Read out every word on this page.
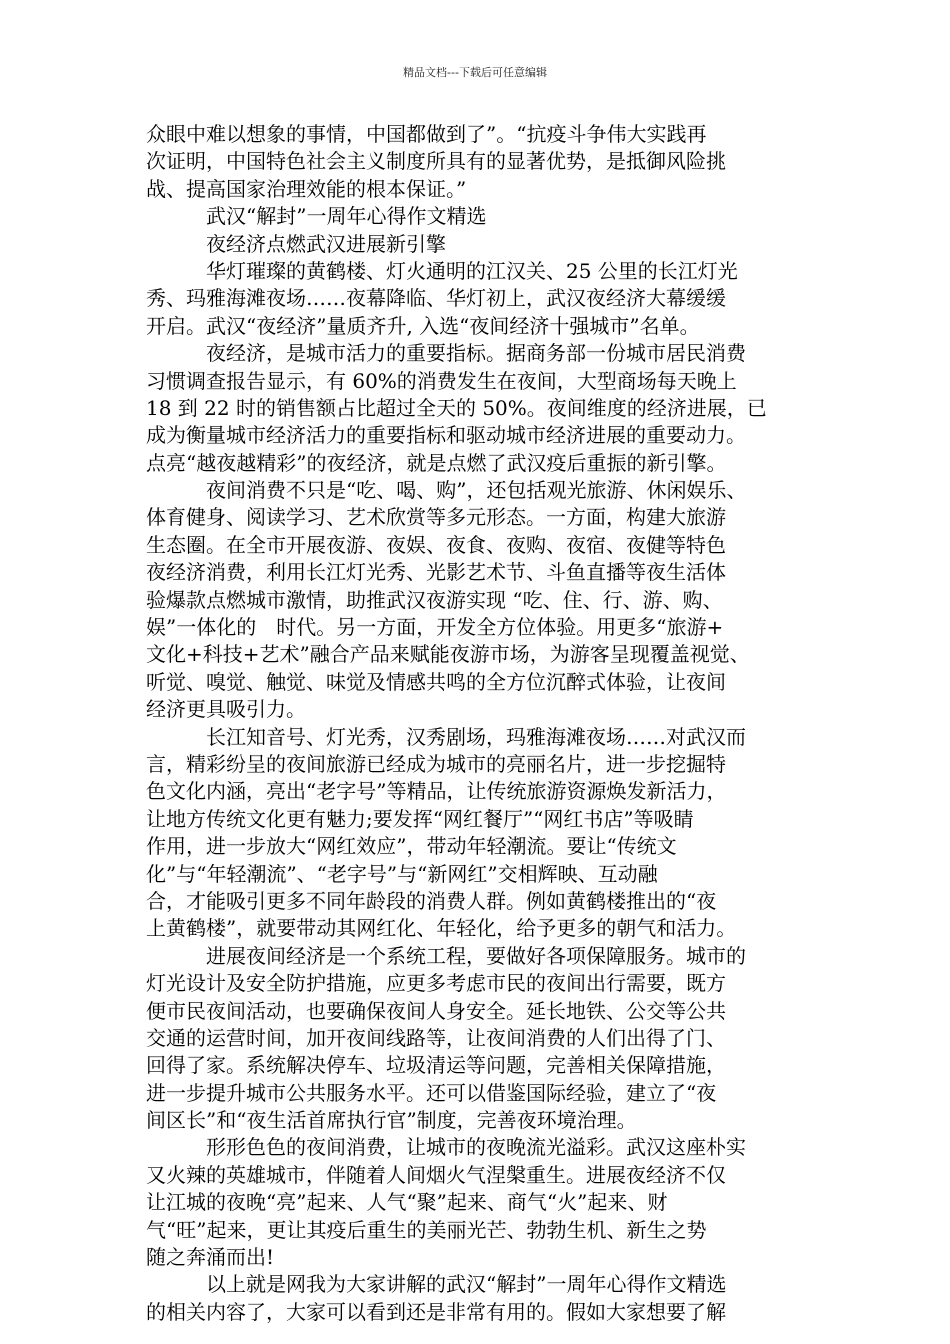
精品文档---下载后可任意编辑
众眼中难以想象的事情，中国都做到了”。“抗疫斗争伟大实践再
次证明，中国特色社会主义制度所具有的显著优势，是抵御风险挑
战、提高国家治理效能的根本保证。”
　　　武汉“解封”一周年心得作文精选
　　　夜经济点燃武汉进展新引擎
　　　华灯璀璨的黄鹤楼、灯火通明的江汉关、25 公里的长江灯光
秀、玛雅海滩夜场……夜幕降临、华灯初上，武汉夜经济大幕缓缓
开启。武汉“夜经济”量质齐升, 入选“夜间经济十强城市”名单。
　　　夜经济，是城市活力的重要指标。据商务部一份城市居民消费
习惯调查报告显示，有 60%的消费发生在夜间，大型商场每天晚上
18 到 22 时的销售额占比超过全天的 50%。夜间维度的经济进展，已
成为衡量城市经济活力的重要指标和驱动城市经济进展的重要动力。
点亮“越夜越精彩”的夜经济，就是点燃了武汉疫后重振的新引擎。
　　　夜间消费不只是“吃、喝、购”，还包括观光旅游、休闲娱乐、
体育健身、阅读学习、艺术欣赏等多元形态。一方面，构建大旅游
生态圈。在全市开展夜游、夜娱、夜食、夜购、夜宿、夜健等特色
夜经济消费，利用长江灯光秀、光影艺术节、斗鱼直播等夜生活体
验爆款点燃城市激情，助推武汉夜游实现 “吃、住、行、游、购、
娱”一体化的　时代。另一方面，开发全方位体验。用更多“旅游+
文化+科技+艺术”融合产品来赋能夜游市场，为游客呈现覆盖视觉、
听觉、嗅觉、触觉、味觉及情感共鸣的全方位沉醉式体验，让夜间
经济更具吸引力。
　　　长江知音号、灯光秀，汉秀剧场，玛雅海滩夜场……对武汉而
言，精彩纷呈的夜间旅游已经成为城市的亮丽名片，进一步挖掘特
色文化内涵，亮出“老字号”等精品，让传统旅游资源焕发新活力，
让地方传统文化更有魅力;要发挥“网红餐厅”“网红书店”等吸睛
作用，进一步放大“网红效应”，带动年轻潮流。要让“传统文
化”与“年轻潮流”、“老字号”与“新网红”交相辉映、互动融
合，才能吸引更多不同年龄段的消费人群。例如黄鹤楼推出的“夜
上黄鹤楼”，就要带动其网红化、年轻化，给予更多的朝气和活力。
　　　进展夜间经济是一个系统工程，要做好各项保障服务。城市的
灯光设计及安全防护措施，应更多考虑市民的夜间出行需要，既方
便市民夜间活动，也要确保夜间人身安全。延长地铁、公交等公共
交通的运营时间，加开夜间线路等，让夜间消费的人们出得了门、
回得了家。系统解决停车、垃圾清运等问题，完善相关保障措施，
进一步提升城市公共服务水平。还可以借鉴国际经验，建立了“夜
间区长”和“夜生活首席执行官”制度，完善夜环境治理。
　　　形形色色的夜间消费，让城市的夜晚流光溢彩。武汉这座朴实
又火辣的英雄城市，伴随着人间烟火气涅槃重生。进展夜经济不仅
让江城的夜晚“亮”起来、人气“聚”起来、商气“火”起来、财
气“旺”起来，更让其疫后重生的美丽光芒、勃勃生机、新生之势
随之奔涌而出!
　　　以上就是网我为大家讲解的武汉“解封”一周年心得作文精选
的相关内容了，大家可以看到还是非常有用的。假如大家想要了解
